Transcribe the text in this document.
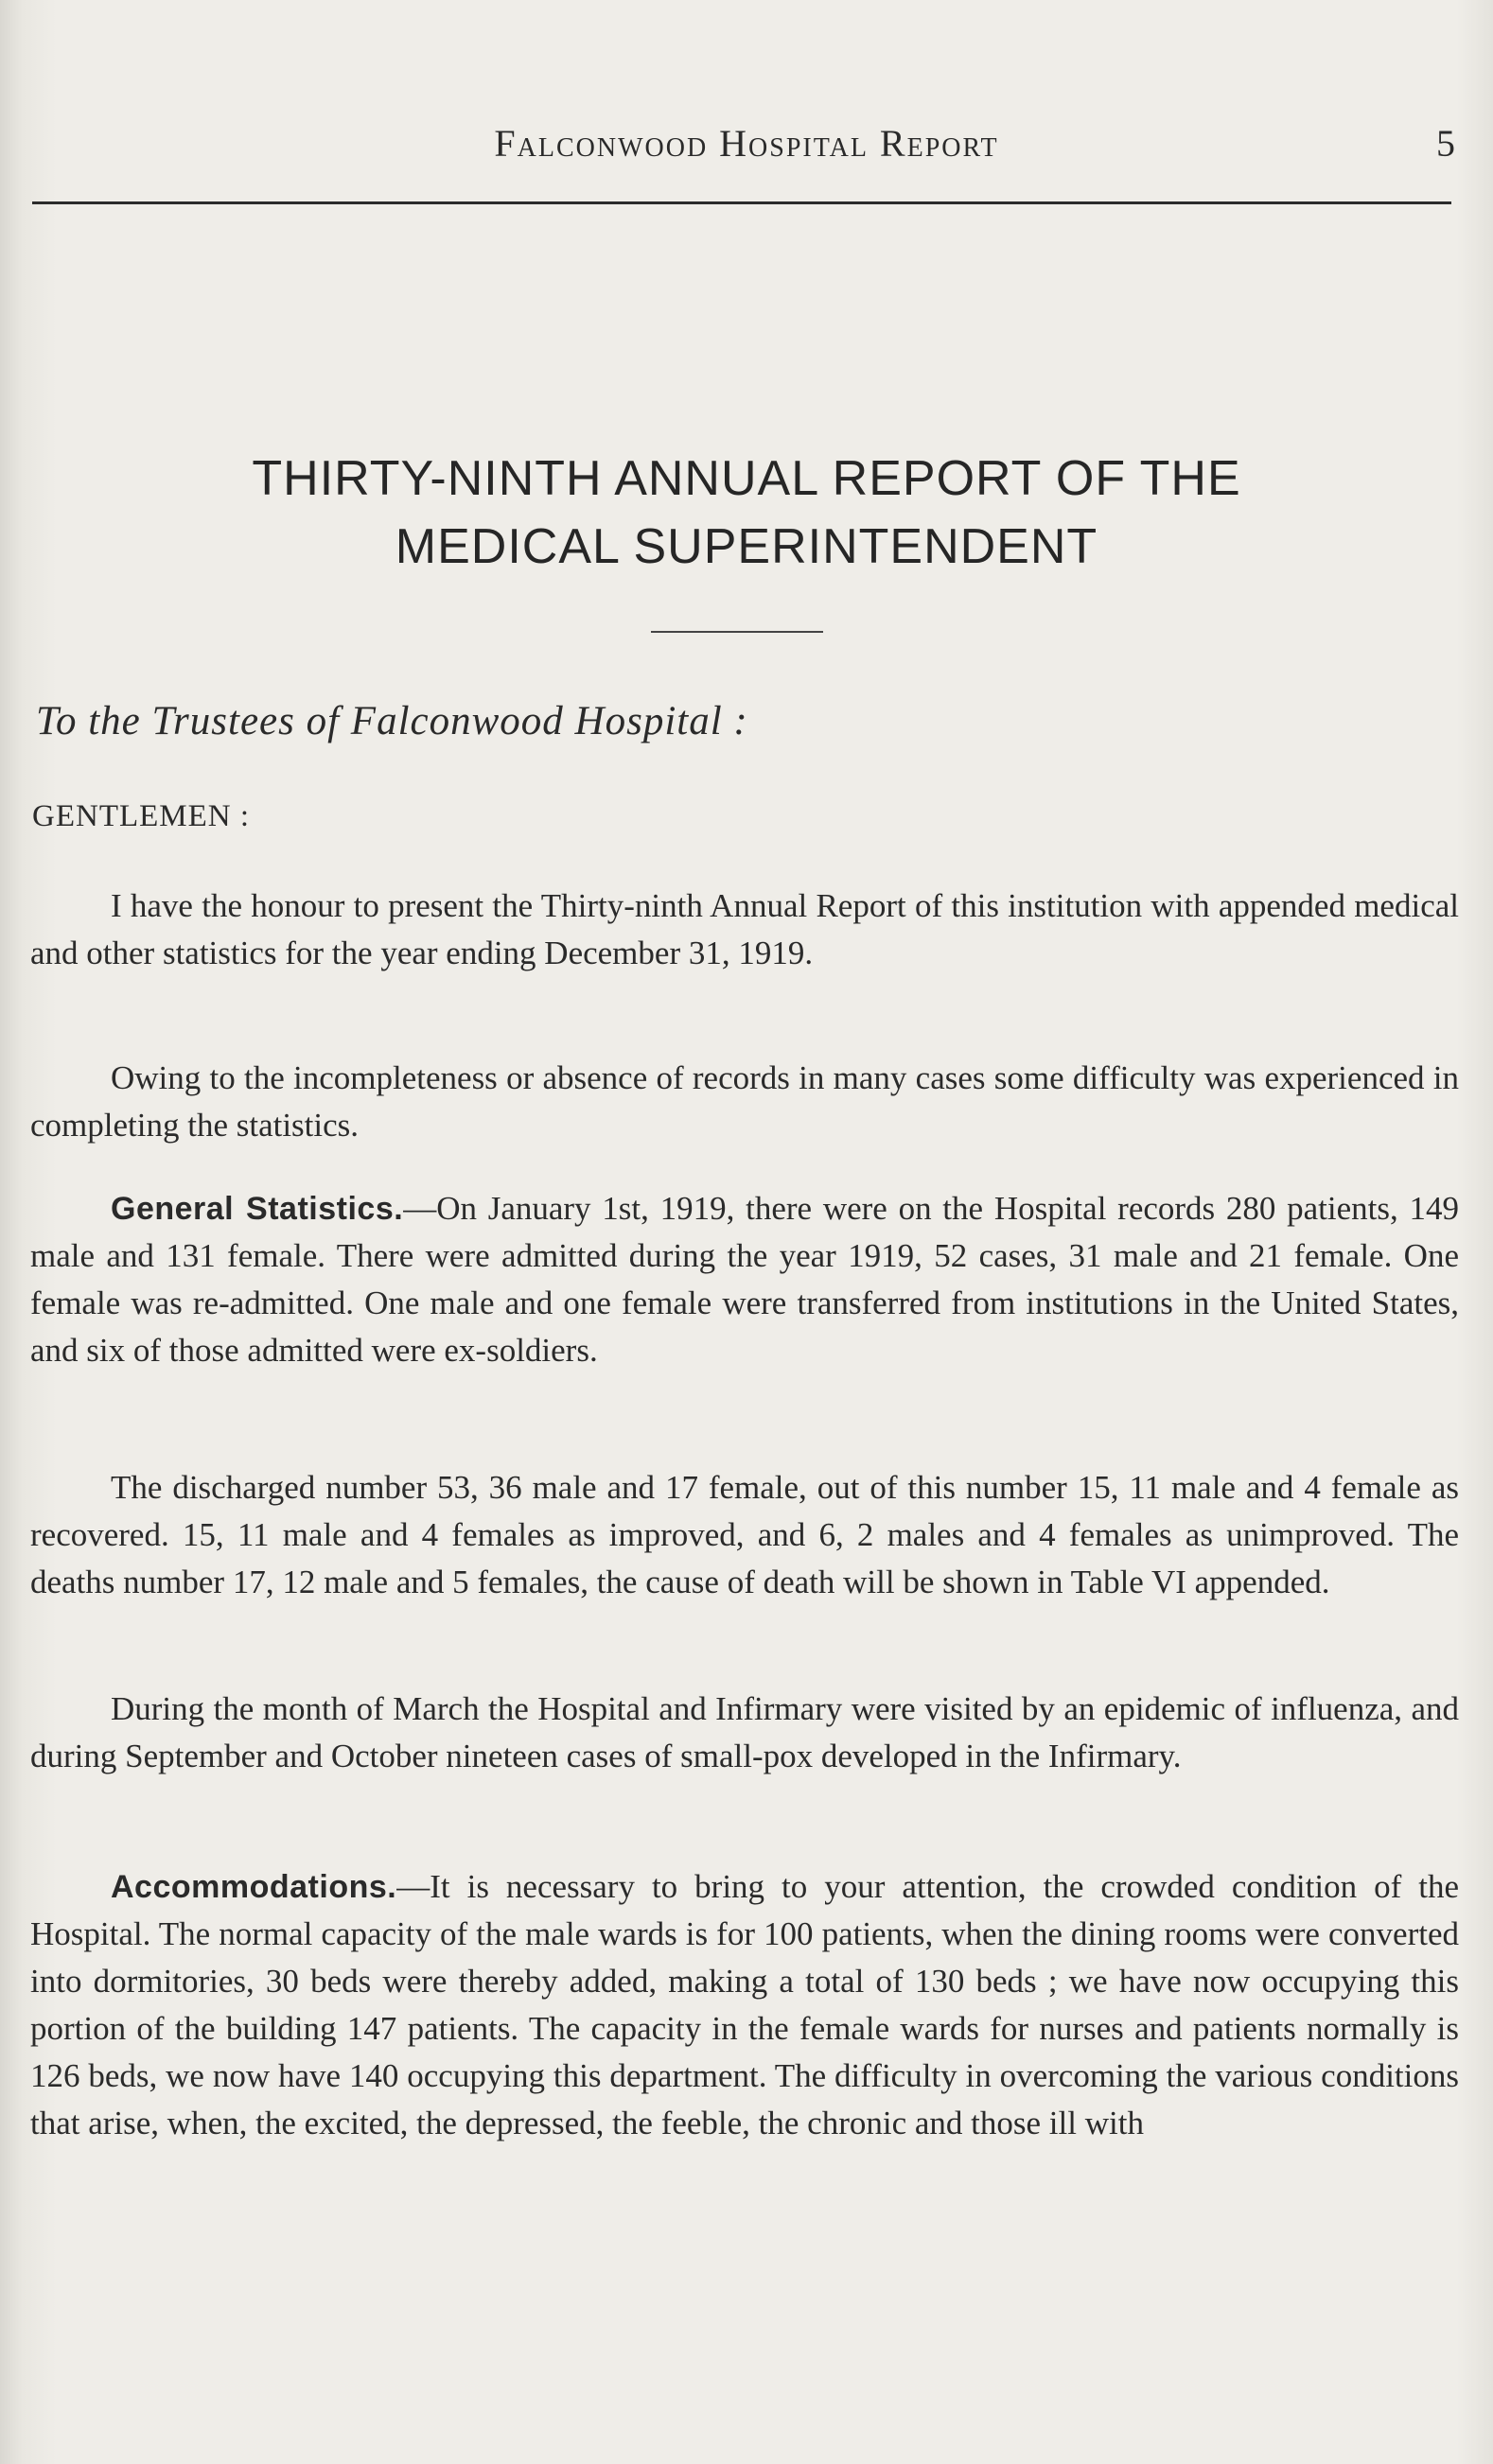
Falconwood Hospital Report	5
THIRTY-NINTH ANNUAL REPORT OF THE
MEDICAL SUPERINTENDENT
To the Trustees of Falconwood Hospital :
GENTLEMEN :

I have the honour to present the Thirty-ninth Annual Report of this institution with appended medical and other statistics for the year ending December 31, 1919.

Owing to the incompleteness or absence of records in many cases some difficulty was experienced in completing the statistics.

General Statistics.—On January 1st, 1919, there were on the Hospital records 280 patients, 149 male and 131 female. There were admitted during the year 1919, 52 cases, 31 male and 21 female. One female was re-admitted. One male and one female were transferred from institutions in the United States, and six of those admitted were ex-soldiers.

The discharged number 53, 36 male and 17 female, out of this number 15, 11 male and 4 female as recovered. 15, 11 male and 4 females as improved, and 6, 2 males and 4 females as unimproved. The deaths number 17, 12 male and 5 females, the cause of death will be shown in Table VI appended.

During the month of March the Hospital and Infirmary were visited by an epidemic of influenza, and during September and October nineteen cases of small-pox developed in the Infirmary.

Accommodations.—It is necessary to bring to your attention, the crowded condition of the Hospital. The normal capacity of the male wards is for 100 patients, when the dining rooms were converted into dormitories, 30 beds were thereby added, making a total of 130 beds ; we have now occupying this portion of the building 147 patients. The capacity in the female wards for nurses and patients normally is 126 beds, we now have 140 occupying this department. The difficulty in overcoming the various conditions that arise, when, the excited, the depressed, the feeble, the chronic and those ill with
